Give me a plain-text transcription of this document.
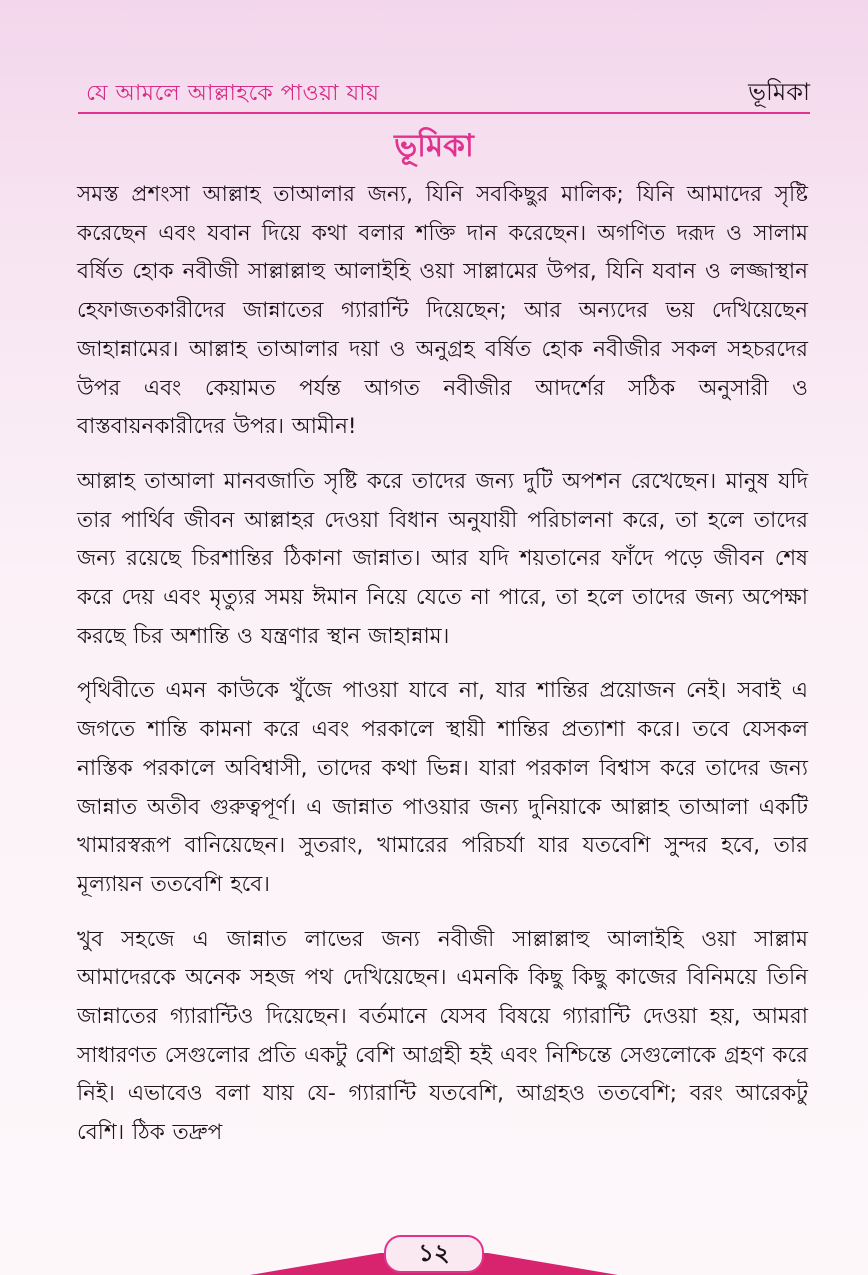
যে আমলে আল্লাহকে পাওয়া যায়	ভূমিকা
ভূমিকা

সমস্ত প্রশংসা আল্লাহ তাআলার জন্য, যিনি সবকিছুর মালিক; যিনি আমাদের সৃষ্টি করেছেন এবং যবান দিয়ে কথা বলার শক্তি দান করেছেন। অগণিত দরূদ ও সালাম বর্ষিত হোক নবীজী সাল্লাল্লাহু আলাইহি ওয়া সাল্লামের উপর, যিনি যবান ও লজ্জাস্থান হেফাজতকারীদের জান্নাতের গ্যারান্টি দিয়েছেন; আর অন্যদের ভয় দেখিয়েছেন জাহান্নামের। আল্লাহ তাআলার দয়া ও অনুগ্রহ বর্ষিত হোক নবীজীর সকল সহচরদের উপর এবং কেয়ামত পর্যন্ত আগত নবীজীর আদর্শের সঠিক অনুসারী ও বাস্তবায়নকারীদের উপর। আমীন!

আল্লাহ তাআলা মানবজাতি সৃষ্টি করে তাদের জন্য দুটি অপশন রেখেছেন। মানুষ যদি তার পার্থিব জীবন আল্লাহর দেওয়া বিধান অনুযায়ী পরিচালনা করে, তা হলে তাদের জন্য রয়েছে চিরশান্তির ঠিকানা জান্নাত। আর যদি শয়তানের ফাঁদে পড়ে জীবন শেষ করে দেয় এবং মৃত্যুর সময় ঈমান নিয়ে যেতে না পারে, তা হলে তাদের জন্য অপেক্ষা করছে চির অশান্তি ও যন্ত্রণার স্থান জাহান্নাম।

পৃথিবীতে এমন কাউকে খুঁজে পাওয়া যাবে না, যার শান্তির প্রয়োজন নেই। সবাই এ জগতে শান্তি কামনা করে এবং পরকালে স্থায়ী শান্তির প্রত্যাশা করে। তবে যেসকল নাস্তিক পরকালে অবিশ্বাসী, তাদের কথা ভিন্ন। যারা পরকাল বিশ্বাস করে তাদের জন্য জান্নাত অতীব গুরুত্বপূর্ণ। এ জান্নাত পাওয়ার জন্য দুনিয়াকে আল্লাহ তাআলা একটি খামারস্বরূপ বানিয়েছেন। সুতরাং, খামারের পরিচর্যা যার যতবেশি সুন্দর হবে, তার মূল্যায়ন ততবেশি হবে।

খুব সহজে এ জান্নাত লাভের জন্য নবীজী সাল্লাল্লাহু আলাইহি ওয়া সাল্লাম আমাদেরকে অনেক সহজ পথ দেখিয়েছেন। এমনকি কিছু কিছু কাজের বিনিময়ে তিনি জান্নাতের গ্যারান্টিও দিয়েছেন। বর্তমানে যেসব বিষয়ে গ্যারান্টি দেওয়া হয়, আমরা সাধারণত সেগুলোর প্রতি একটু বেশি আগ্রহী হই এবং নিশ্চিন্তে সেগুলোকে গ্রহণ করে নিই। এভাবেও বলা যায় যে- গ্যারান্টি যতবেশি, আগ্রহও ততবেশি; বরং আরেকটু বেশি। ঠিক তদ্রুপ

১২
